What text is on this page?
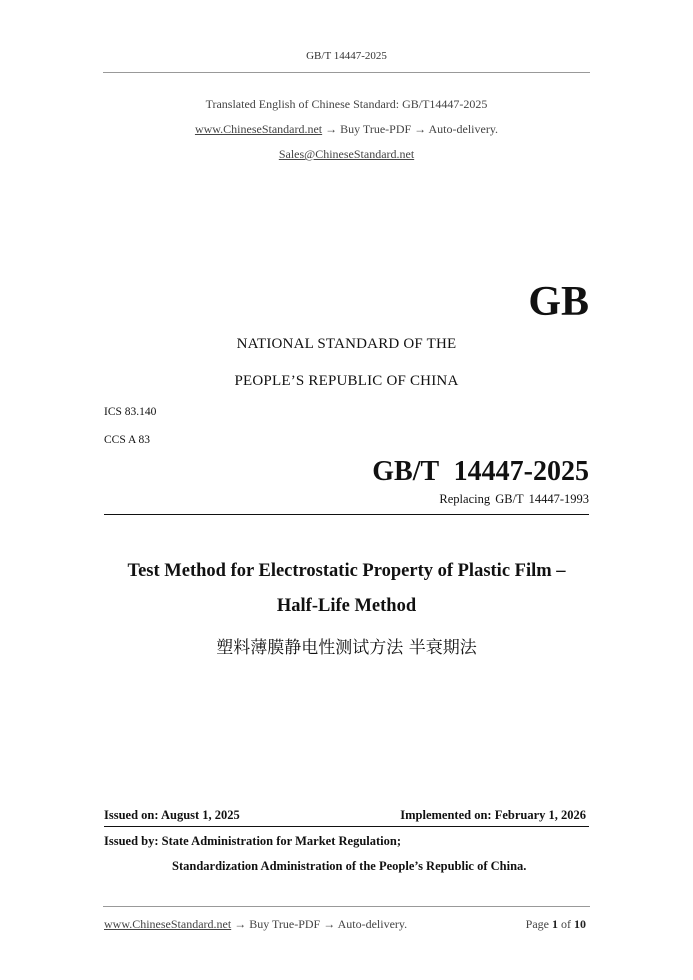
GB/T 14447-2025
Translated English of Chinese Standard: GB/T14447-2025
www.ChineseStandard.net → Buy True-PDF → Auto-delivery.
Sales@ChineseStandard.net
GB
NATIONAL STANDARD OF THE
PEOPLE’S REPUBLIC OF CHINA
ICS 83.140
CCS A 83
GB/T 14447-2025
Replacing GB/T 14447-1993
Test Method for Electrostatic Property of Plastic Film –
Half-Life Method
塑料薄膜静电性测试方法 半衰期法
Issued on: August 1, 2025	Implemented on: February 1, 2026
Issued by: State Administration for Market Regulation;
Standardization Administration of the People’s Republic of China.
www.ChineseStandard.net → Buy True-PDF → Auto-delivery.	Page 1 of 10
